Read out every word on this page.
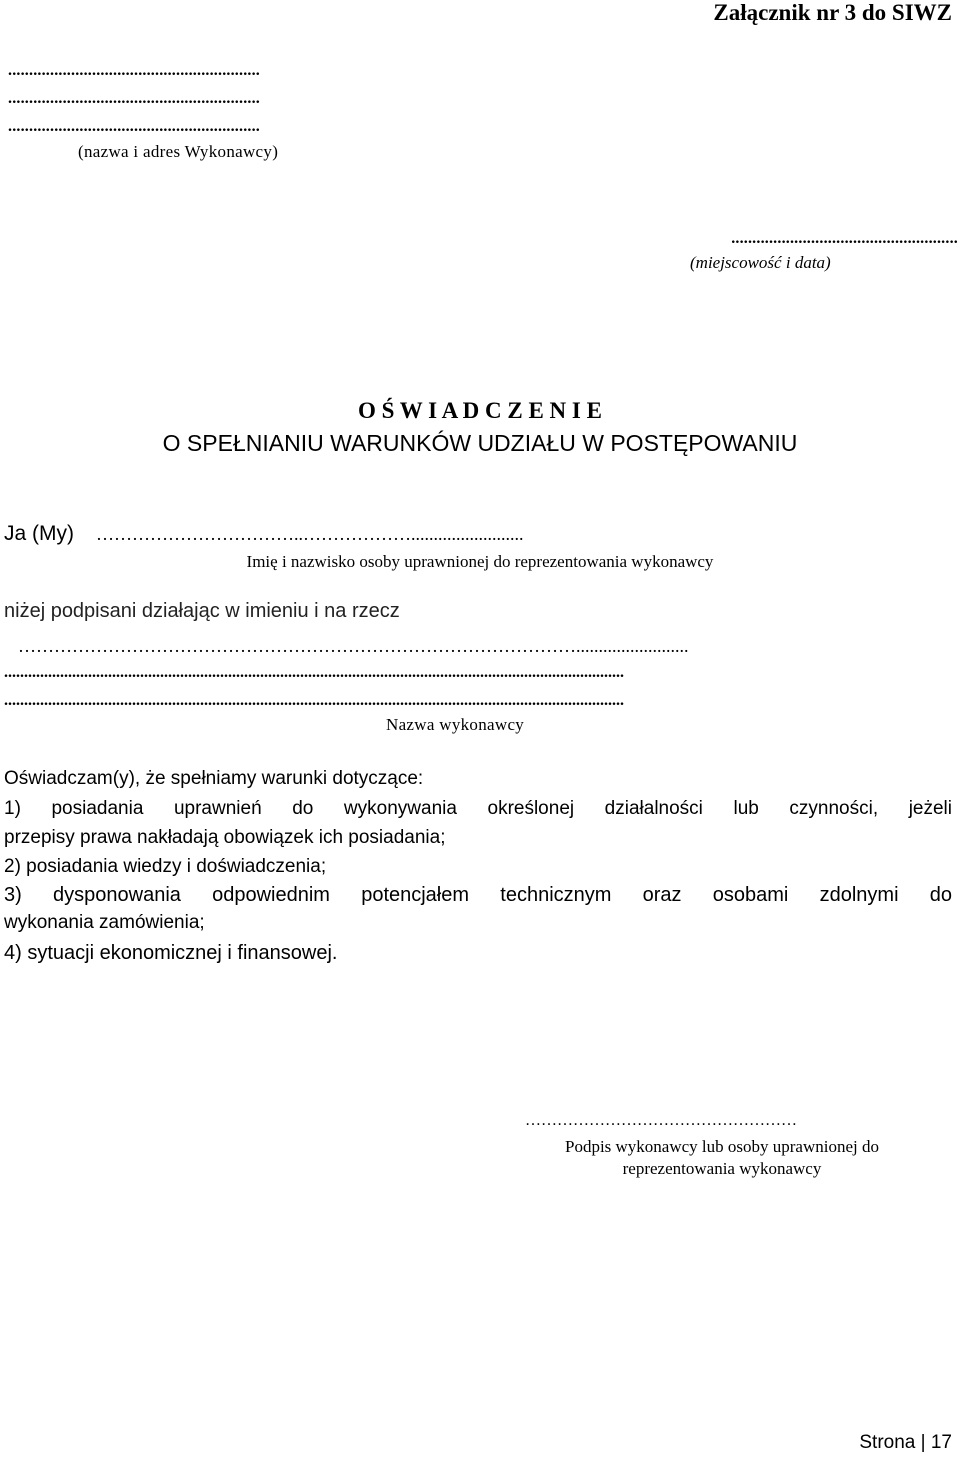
Załącznik nr 3 do SIWZ
............................................................
............................................................
............................................................
(nazwa i adres Wykonawcy)
......................................................
(miejscowość i data)
O Ś W I A D C Z E N I E
O SPEŁNIANIU WARUNKÓW UDZIAŁU W POSTĘPOWANIU
Ja (My) ……………………………..……………….........................
Imię i nazwisko osoby uprawnionej do reprezentowania wykonawcy
niżej podpisani działając w imieniu i na rzecz
………………………………………………………………………………….........................
...........................................................................................................................................................
...........................................................................................................................................................
Nazwa wykonawcy
Oświadczam(y), że spełniamy warunki dotyczące:
1) posiadania uprawnień do wykonywania określonej działalności lub czynności, jeżeli
przepisy prawa nakładają obowiązek ich posiadania;
2) posiadania wiedzy i doświadczenia;
3) dysponowania odpowiednim potencjałem technicznym oraz osobami zdolnymi do
wykonania zamówienia;
4) sytuacji ekonomicznej i finansowej.
……………………………………………
Podpis wykonawcy lub osoby uprawnionej do
reprezentowania wykonawcy
Strona | 17
